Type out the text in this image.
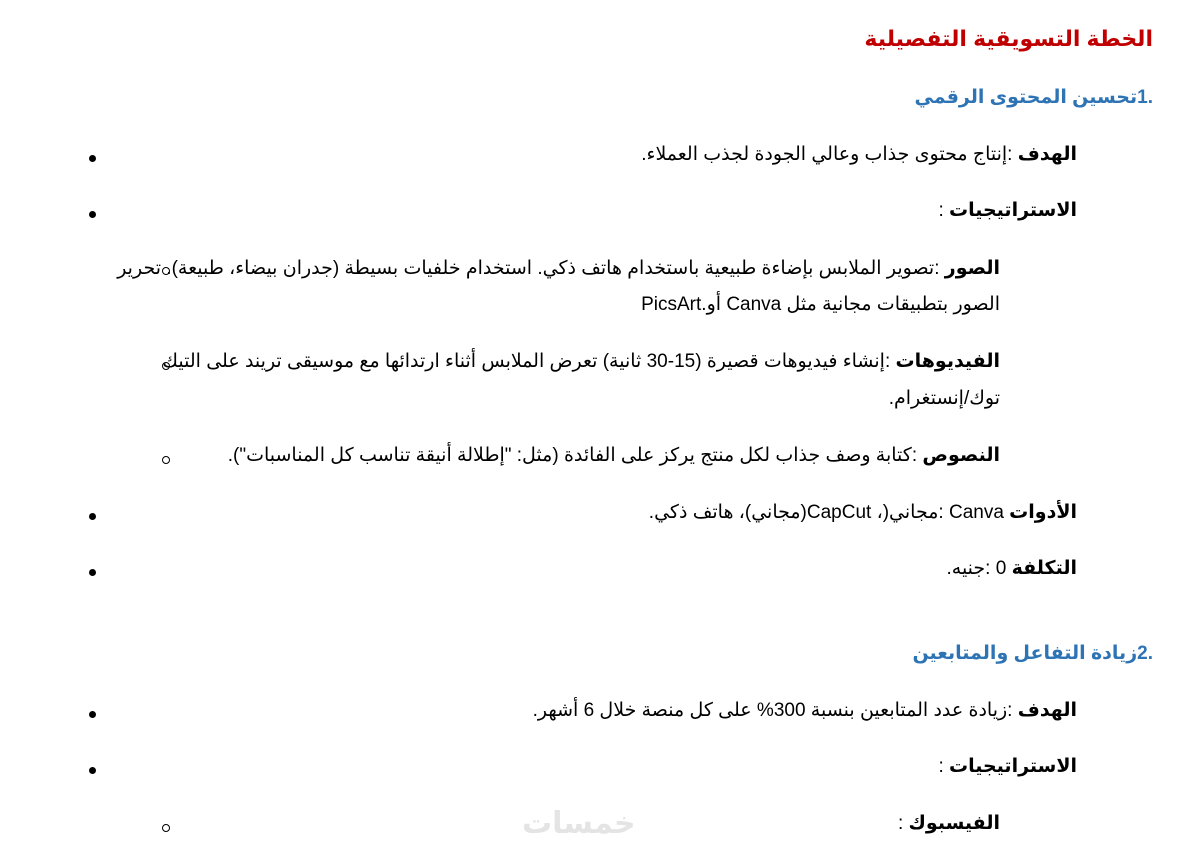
الخطة التسويقية التفصيلية
.1تحسين المحتوى الرقمي
الهدف :إنتاج محتوى جذاب وعالي الجودة لجذب العملاء.
الاستراتيجيات :
الصور :تصوير الملابس بإضاءة طبيعية باستخدام هاتف ذكي. استخدام خلفيات بسيطة (جدران بيضاء، طبيعة). تحرير
الصور بتطبيقات مجانية مثل Canva أو.PicsArt
الفيديوهات :إنشاء فيديوهات قصيرة (15-30 ثانية) تعرض الملابس أثناء ارتدائها مع موسيقى تريند على التيك
توك/إنستغرام.
النصوص :كتابة وصف جذاب لكل منتج يركز على الفائدة (مثل: "إطلالة أنيقة تناسب كل المناسبات").
الأدوات Canva :مجاني(، CapCut(مجاني)، هاتف ذكي.
التكلفة 0 :جنيه.
.2زيادة التفاعل والمتابعين
الهدف :زيادة عدد المتابعين بنسبة 300% على كل منصة خلال 6 أشهر.
الاستراتيجيات :
الفيسبوك :
خمسات
